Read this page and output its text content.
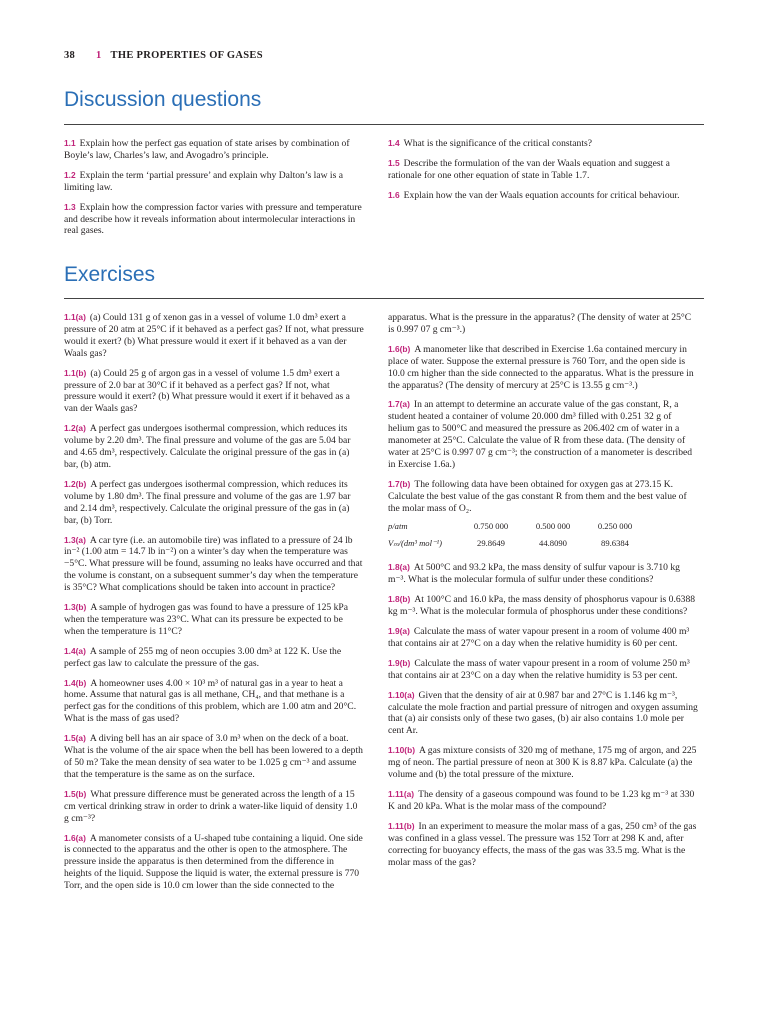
38 1 THE PROPERTIES OF GASES
Discussion questions

1.1 Explain how the perfect gas equation of state arises by combination of Boyle’s law, Charles’s law, and Avogadro’s principle.

1.2 Explain the term ‘partial pressure’ and explain why Dalton’s law is a limiting law.

1.3 Explain how the compression factor varies with pressure and temperature and describe how it reveals information about intermolecular interactions in real gases.

1.4 What is the significance of the critical constants?

1.5 Describe the formulation of the van der Waals equation and suggest a rationale for one other equation of state in Table 1.7.

1.6 Explain how the van der Waals equation accounts for critical behaviour.

Exercises

1.1(a) (a) Could 131 g of xenon gas in a vessel of volume 1.0 dm³ exert a pressure of 20 atm at 25°C if it behaved as a perfect gas? If not, what pressure would it exert? (b) What pressure would it exert if it behaved as a van der Waals gas?

1.1(b) (a) Could 25 g of argon gas in a vessel of volume 1.5 dm³ exert a pressure of 2.0 bar at 30°C if it behaved as a perfect gas? If not, what pressure would it exert? (b) What pressure would it exert if it behaved as a van der Waals gas?

1.2(a) A perfect gas undergoes isothermal compression, which reduces its volume by 2.20 dm³. The final pressure and volume of the gas are 5.04 bar and 4.65 dm³, respectively. Calculate the original pressure of the gas in (a) bar, (b) atm.

1.2(b) A perfect gas undergoes isothermal compression, which reduces its volume by 1.80 dm³. The final pressure and volume of the gas are 1.97 bar and 2.14 dm³, respectively. Calculate the original pressure of the gas in (a) bar, (b) Torr.

1.3(a) A car tyre (i.e. an automobile tire) was inflated to a pressure of 24 lb in⁻² (1.00 atm = 14.7 lb in⁻²) on a winter’s day when the temperature was −5°C. What pressure will be found, assuming no leaks have occurred and that the volume is constant, on a subsequent summer’s day when the temperature is 35°C? What complications should be taken into account in practice?

1.3(b) A sample of hydrogen gas was found to have a pressure of 125 kPa when the temperature was 23°C. What can its pressure be expected to be when the temperature is 11°C?

1.4(a) A sample of 255 mg of neon occupies 3.00 dm³ at 122 K. Use the perfect gas law to calculate the pressure of the gas.

1.4(b) A homeowner uses 4.00 × 10³ m³ of natural gas in a year to heat a home. Assume that natural gas is all methane, CH₄, and that methane is a perfect gas for the conditions of this problem, which are 1.00 atm and 20°C. What is the mass of gas used?

1.5(a) A diving bell has an air space of 3.0 m³ when on the deck of a boat. What is the volume of the air space when the bell has been lowered to a depth of 50 m? Take the mean density of sea water to be 1.025 g cm⁻³ and assume that the temperature is the same as on the surface.

1.5(b) What pressure difference must be generated across the length of a 15 cm vertical drinking straw in order to drink a water-like liquid of density 1.0 g cm⁻³?

1.6(a) A manometer consists of a U-shaped tube containing a liquid. One side is connected to the apparatus and the other is open to the atmosphere. The pressure inside the apparatus is then determined from the difference in heights of the liquid. Suppose the liquid is water, the external pressure is 770 Torr, and the open side is 10.0 cm lower than the side connected to the

apparatus. What is the pressure in the apparatus? (The density of water at 25°C is 0.997 07 g cm⁻³.)

1.6(b) A manometer like that described in Exercise 1.6a contained mercury in place of water. Suppose the external pressure is 760 Torr, and the open side is 10.0 cm higher than the side connected to the apparatus. What is the pressure in the apparatus? (The density of mercury at 25°C is 13.55 g cm⁻³.)

1.7(a) In an attempt to determine an accurate value of the gas constant, R, a student heated a container of volume 20.000 dm³ filled with 0.251 32 g of helium gas to 500°C and measured the pressure as 206.402 cm of water in a manometer at 25°C. Calculate the value of R from these data. (The density of water at 25°C is 0.997 07 g cm⁻³; the construction of a manometer is described in Exercise 1.6a.)

1.7(b) The following data have been obtained for oxygen gas at 273.15 K. Calculate the best value of the gas constant R from them and the best value of the molar mass of O₂.

p/atm	0.750 000	0.500 000	0.250 000
Vₘ/(dm³ mol⁻¹)	29.8649	44.8090	89.6384

1.8(a) At 500°C and 93.2 kPa, the mass density of sulfur vapour is 3.710 kg m⁻³. What is the molecular formula of sulfur under these conditions?

1.8(b) At 100°C and 16.0 kPa, the mass density of phosphorus vapour is 0.6388 kg m⁻³. What is the molecular formula of phosphorus under these conditions?

1.9(a) Calculate the mass of water vapour present in a room of volume 400 m³ that contains air at 27°C on a day when the relative humidity is 60 per cent.

1.9(b) Calculate the mass of water vapour present in a room of volume 250 m³ that contains air at 23°C on a day when the relative humidity is 53 per cent.

1.10(a) Given that the density of air at 0.987 bar and 27°C is 1.146 kg m⁻³, calculate the mole fraction and partial pressure of nitrogen and oxygen assuming that (a) air consists only of these two gases, (b) air also contains 1.0 mole per cent Ar.

1.10(b) A gas mixture consists of 320 mg of methane, 175 mg of argon, and 225 mg of neon. The partial pressure of neon at 300 K is 8.87 kPa. Calculate (a) the volume and (b) the total pressure of the mixture.

1.11(a) The density of a gaseous compound was found to be 1.23 kg m⁻³ at 330 K and 20 kPa. What is the molar mass of the compound?

1.11(b) In an experiment to measure the molar mass of a gas, 250 cm³ of the gas was confined in a glass vessel. The pressure was 152 Torr at 298 K and, after correcting for buoyancy effects, the mass of the gas was 33.5 mg. What is the molar mass of the gas?
